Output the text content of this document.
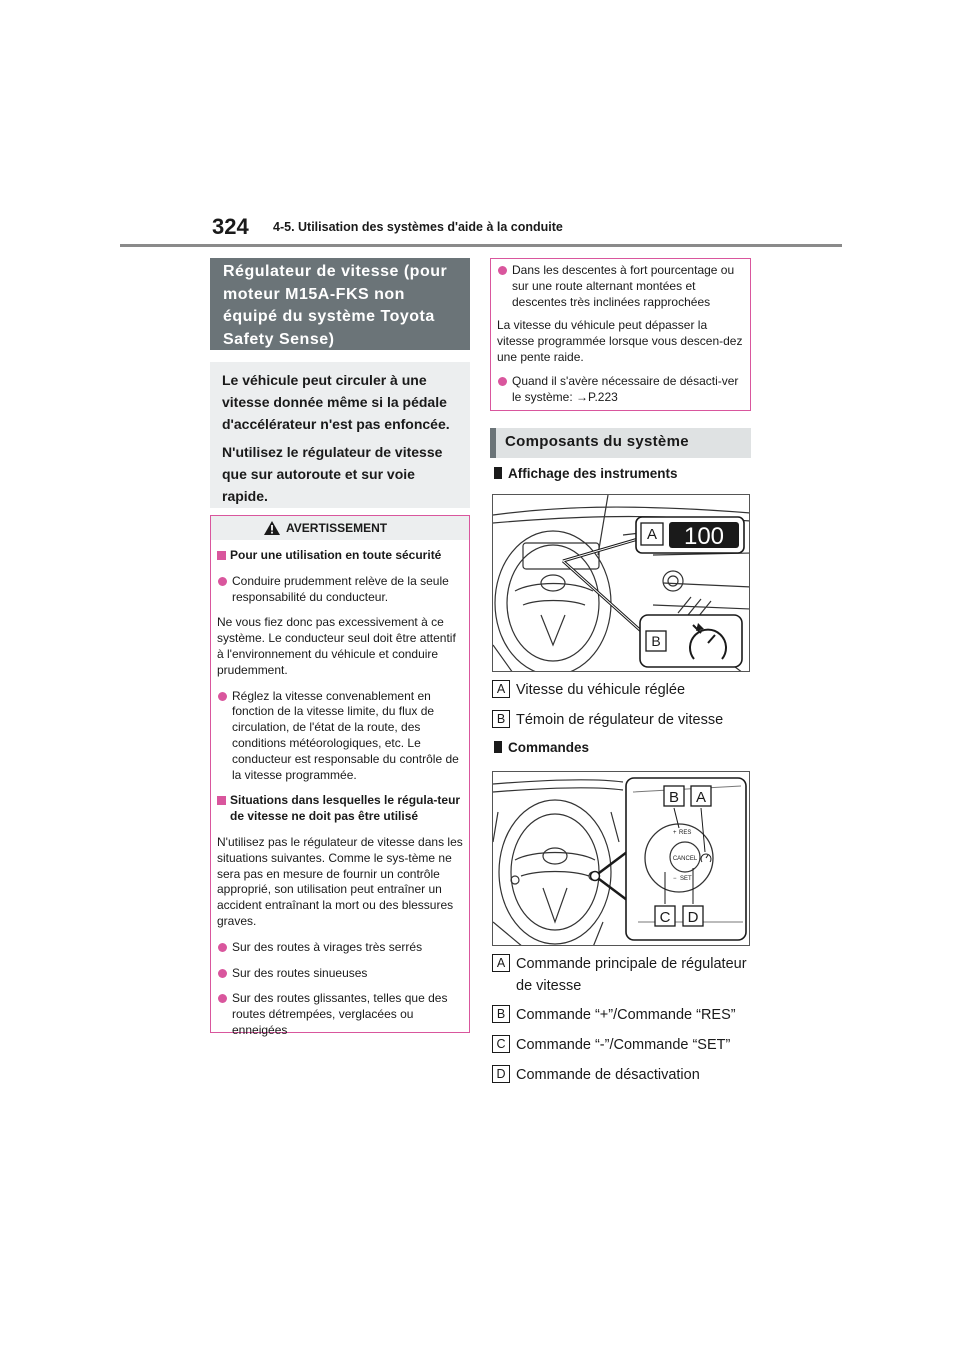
324 4-5. Utilisation des systèmes d'aide à la conduite
Régulateur de vitesse (pour moteur M15A-FKS non équipé du système Toyota Safety Sense)

Le véhicule peut circuler à une vitesse donnée même si la pédale d'accélérateur n'est pas enfoncée.

N'utilisez le régulateur de vitesse que sur autoroute et sur voie rapide.

AVERTISSEMENT

Pour une utilisation en toute sécurité

Conduire prudemment relève de la seule responsabilité du conducteur.

Ne vous fiez donc pas excessivement à ce système. Le conducteur seul doit être attentif à l'environnement du véhicule et conduire prudemment.

Réglez la vitesse convenablement en fonction de la vitesse limite, du flux de circulation, de l'état de la route, des conditions météorologiques, etc. Le conducteur est responsable du contrôle de la vitesse programmée.

Situations dans lesquelles le régula-teur de vitesse ne doit pas être utilisé

N'utilisez pas le régulateur de vitesse dans les situations suivantes. Comme le sys-tème ne sera pas en mesure de fournir un contrôle approprié, son utilisation peut entraîner un accident entraînant la mort ou des blessures graves.

Sur des routes à virages très serrés

Sur des routes sinueuses

Sur des routes glissantes, telles que des routes détrempées, verglacées ou enneigées

Dans les descentes à fort pourcentage ou sur une route alternant montées et descentes très inclinées rapprochées

La vitesse du véhicule peut dépasser la vitesse programmée lorsque vous descen-dez une pente raide.

Quand il s'avère nécessaire de désacti-ver le système: →P.223

Composants du système
Affichage des instruments
A 100
B
A Vitesse du véhicule réglée
B Témoin de régulateur de vitesse
Commandes
CANCEL
+ RES
− SET
B A
C D
A Commande principale de régulateur
de vitesse
B Commande “+”/Commande “RES”
C Commande “-”/Commande “SET”
D Commande de désactivation
